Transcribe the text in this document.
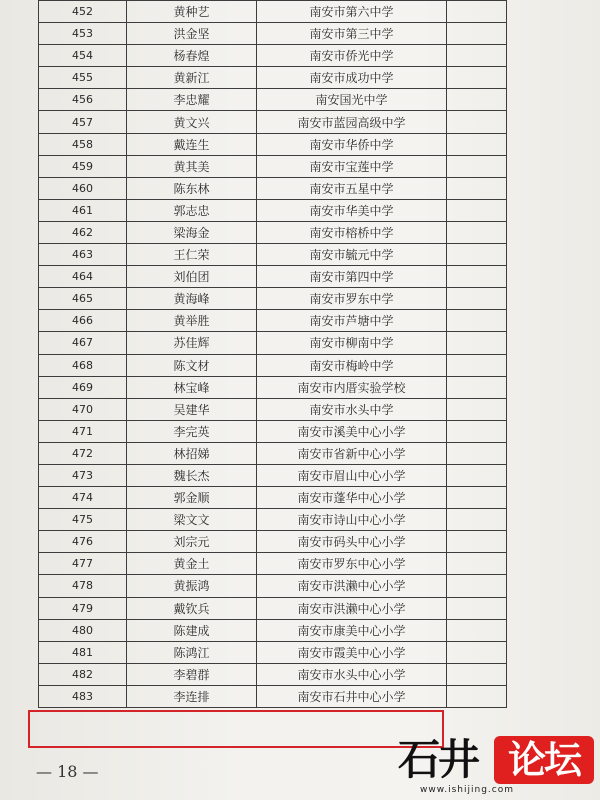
452	黄种艺	南安市第六中学	
453	洪金坚	南安市第三中学	
454	杨春煌	南安市侨光中学	
455	黄新江	南安市成功中学	
456	李忠耀	南安国光中学	
457	黄文兴	南安市蓝园高级中学	
458	戴连生	南安市华侨中学	
459	黄其美	南安市宝莲中学	
460	陈东林	南安市五星中学	
461	郭志忠	南安市华美中学	
462	梁海金	南安市榕桥中学	
463	王仁荣	南安市毓元中学	
464	刘伯团	南安市第四中学	
465	黄海峰	南安市罗东中学	
466	黄举胜	南安市芦塘中学	
467	苏佳辉	南安市柳南中学	
468	陈文材	南安市梅岭中学	
469	林宝峰	南安市内厝实验学校	
470	吴建华	南安市水头中学	
471	李完英	南安市溪美中心小学	
472	林招娣	南安市省新中心小学	
473	魏长杰	南安市眉山中心小学	
474	郭金顺	南安市蓬华中心小学	
475	梁文文	南安市诗山中心小学	
476	刘宗元	南安市码头中心小学	
477	黄金土	南安市罗东中心小学	
478	黄振鸿	南安市洪濑中心小学	
479	戴钦兵	南安市洪濑中心小学	
480	陈建成	南安市康美中心小学	
481	陈鸿江	南安市霞美中心小学	
482	李碧群	南安市水头中心小学	
483	李连排	南安市石井中心小学	
— 18 —	石井 论坛
www.ishijing.com
